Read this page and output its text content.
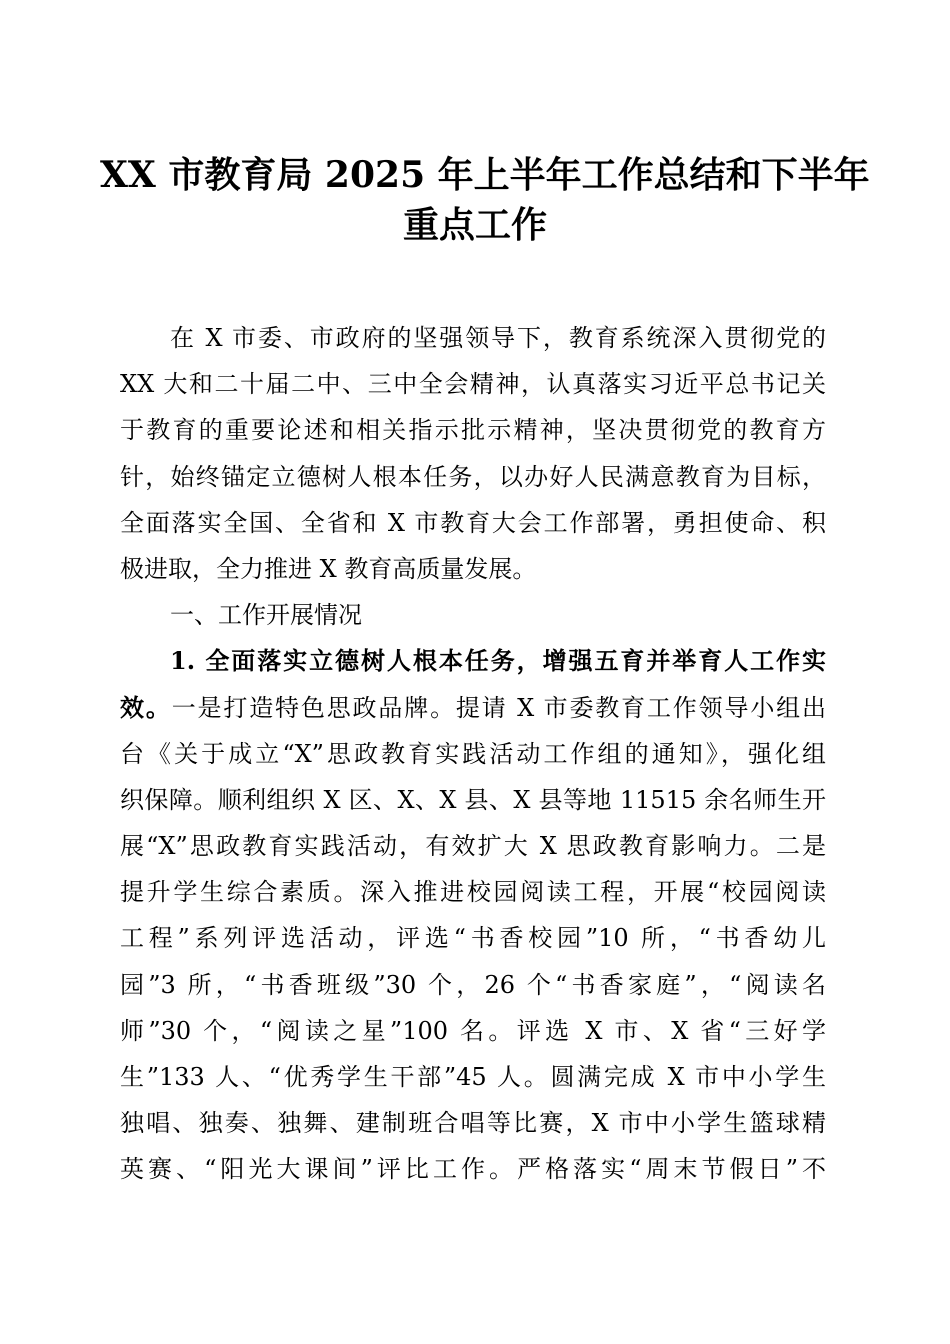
XX 市教育局 2025 年上半年工作总结和下半年
重点工作
在 X 市委、市政府的坚强领导下，教育系统深入贯彻党的
XX 大和二十届二中、三中全会精神，认真落实习近平总书记关
于教育的重要论述和相关指示批示精神，坚决贯彻党的教育方
针，始终锚定立德树人根本任务，以办好人民满意教育为目标，
全面落实全国、全省和 X 市教育大会工作部署，勇担使命、积
极进取，全力推进 X 教育高质量发展。
一、工作开展情况
1. 全面落实立德树人根本任务，增强五育并举育人工作实
效。一是打造特色思政品牌。提请 X 市委教育工作领导小组出
台《关于成立“X”思政教育实践活动工作组的通知》，强化组
织保障。顺利组织 X 区、X、X 县、X 县等地 11515 余名师生开
展“X”思政教育实践活动，有效扩大 X 思政教育影响力。二是
提升学生综合素质。深入推进校园阅读工程，开展“校园阅读
工程”系列评选活动，评选“书香校园”10 所，“书香幼儿
园”3 所，“书香班级”30 个，26 个“书香家庭”，“阅读名
师”30 个，“阅读之星”100 名。评选 X 市、X 省“三好学
生”133 人、“优秀学生干部”45 人。圆满完成 X 市中小学生
独唱、独奏、独舞、建制班合唱等比赛，X 市中小学生篮球精
英赛、“阳光大课间”评比工作。严格落实“周末节假日”不
